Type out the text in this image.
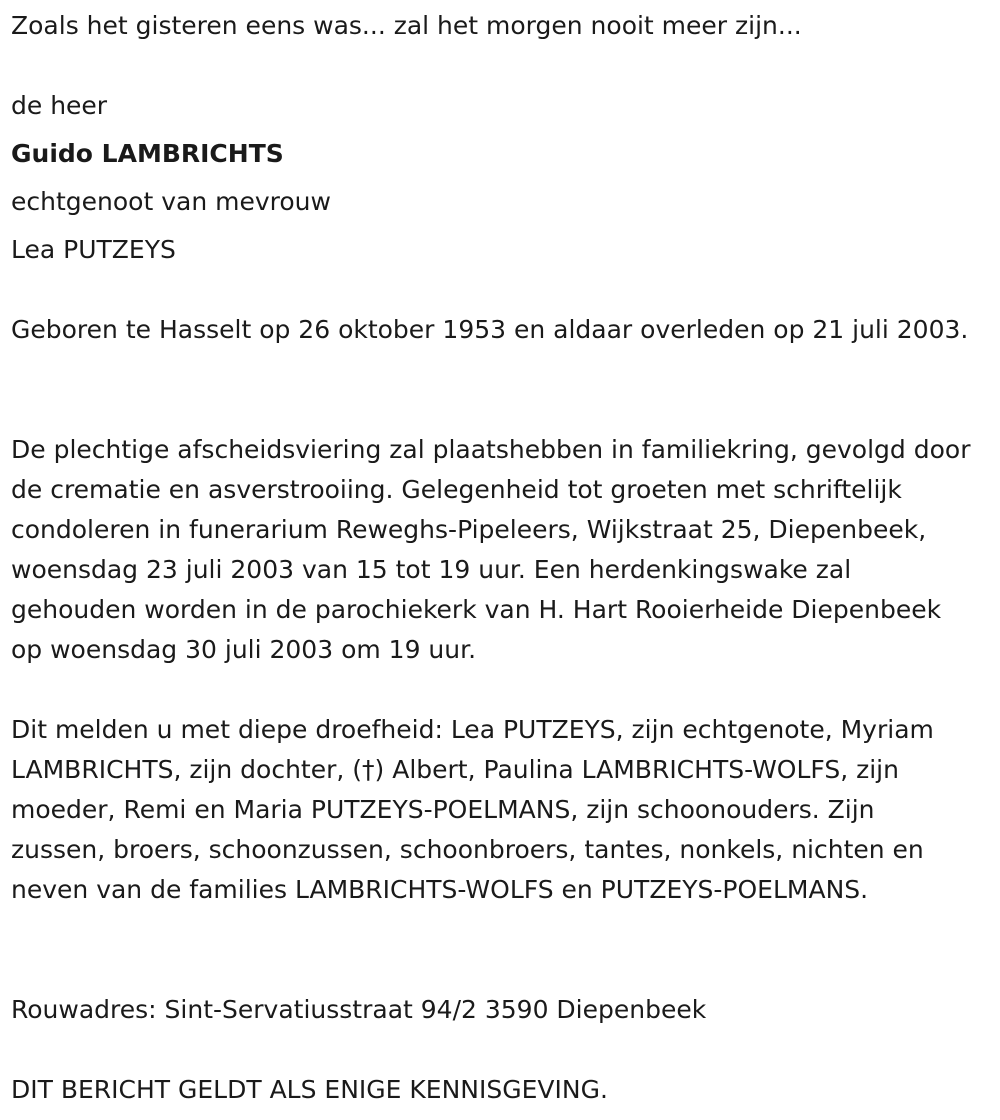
Zoals het gisteren eens was... zal het morgen nooit meer zijn...
de heer
Guido LAMBRICHTS
echtgenoot van mevrouw
Lea PUTZEYS

Geboren te Hasselt op 26 oktober 1953 en aldaar overleden op 21 juli 2003.

De plechtige afscheidsviering zal plaatshebben in familiekring, gevolgd door de crematie en asverstrooiing. Gelegenheid tot groeten met schriftelijk condoleren in funerarium Reweghs-Pipeleers, Wijkstraat 25, Diepenbeek, woensdag 23 juli 2003 van 15 tot 19 uur. Een herdenkingswake zal gehouden worden in de parochiekerk van H. Hart Rooierheide Diepenbeek op woensdag 30 juli 2003 om 19 uur.

Dit melden u met diepe droefheid: Lea PUTZEYS, zijn echtgenote, Myriam LAMBRICHTS, zijn dochter, (†) Albert, Paulina LAMBRICHTS-WOLFS, zijn moeder, Remi en Maria PUTZEYS-POELMANS, zijn schoonouders. Zijn zussen, broers, schoonzussen, schoonbroers, tantes, nonkels, nichten en neven van de families LAMBRICHTS-WOLFS en PUTZEYS-POELMANS.

Rouwadres: Sint-Servatiusstraat 94/2 3590 Diepenbeek
DIT BERICHT GELDT ALS ENIGE KENNISGEVING.
